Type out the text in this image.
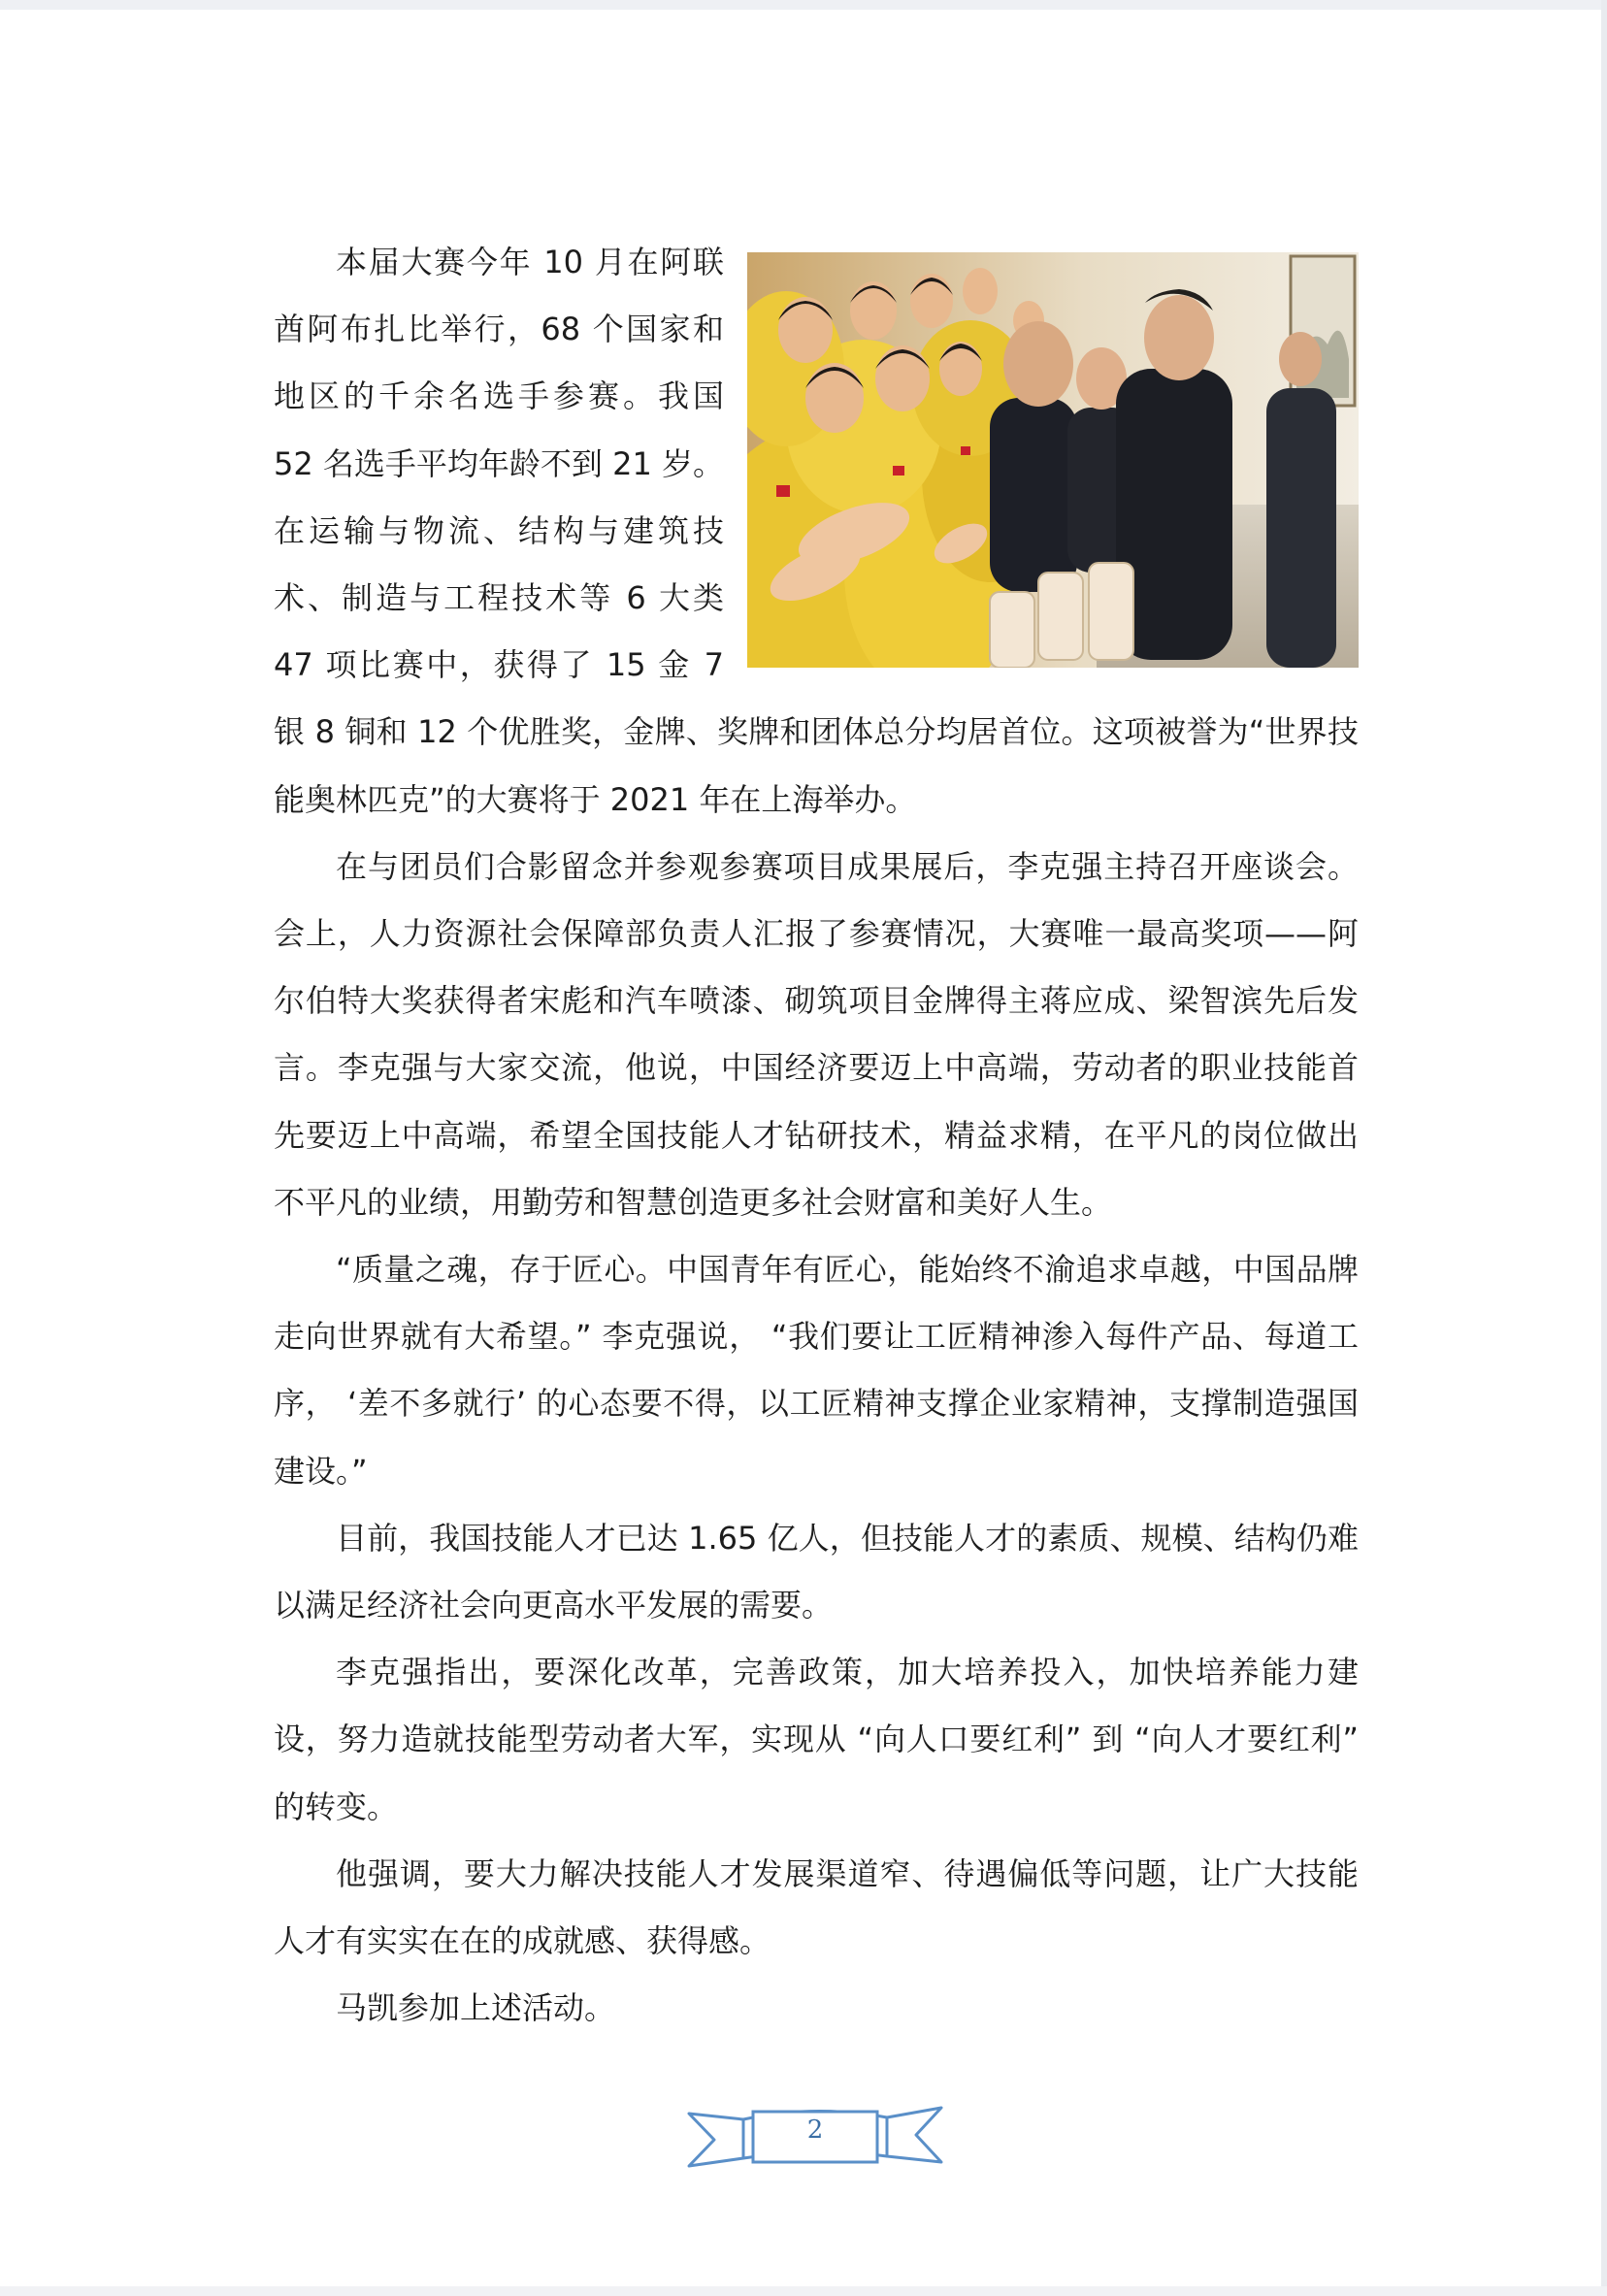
本届大赛今年 10 月在阿联酋阿布扎比举行，68 个国家和地区的千余名选手参赛。我国 52 名选手平均年龄不到 21 岁。在运输与物流、结构与建筑技术、制造与工程技术等 6 大类 47 项比赛中，获得了 15 金 7 银 8 铜和 12 个优胜奖，金牌、奖牌和团体总分均居首位。这项被誉为“世界技能奥林匹克”的大赛将于 2021 年在上海举办。

在与团员们合影留念并参观参赛项目成果展后，李克强主持召开座谈会。会上，人力资源社会保障部负责人汇报了参赛情况，大赛唯一最高奖项——阿尔伯特大奖获得者宋彪和汽车喷漆、砌筑项目金牌得主蒋应成、梁智滨先后发言。李克强与大家交流，他说，中国经济要迈上中高端，劳动者的职业技能首先要迈上中高端，希望全国技能人才钻研技术，精益求精，在平凡的岗位做出不平凡的业绩，用勤劳和智慧创造更多社会财富和美好人生。

“质量之魂，存于匠心。中国青年有匠心，能始终不渝追求卓越，中国品牌走向世界就有大希望。” 李克强说， “我们要让工匠精神渗入每件产品、每道工序， ‘差不多就行’ 的心态要不得，以工匠精神支撑企业家精神，支撑制造强国建设。”

目前，我国技能人才已达 1.65 亿人，但技能人才的素质、规模、结构仍难以满足经济社会向更高水平发展的需要。

李克强指出，要深化改革，完善政策，加大培养投入，加快培养能力建设，努力造就技能型劳动者大军，实现从 “向人口要红利” 到 “向人才要红利” 的转变。

他强调，要大力解决技能人才发展渠道窄、待遇偏低等问题，让广大技能人才有实实在在的成就感、获得感。

马凯参加上述活动。

2
